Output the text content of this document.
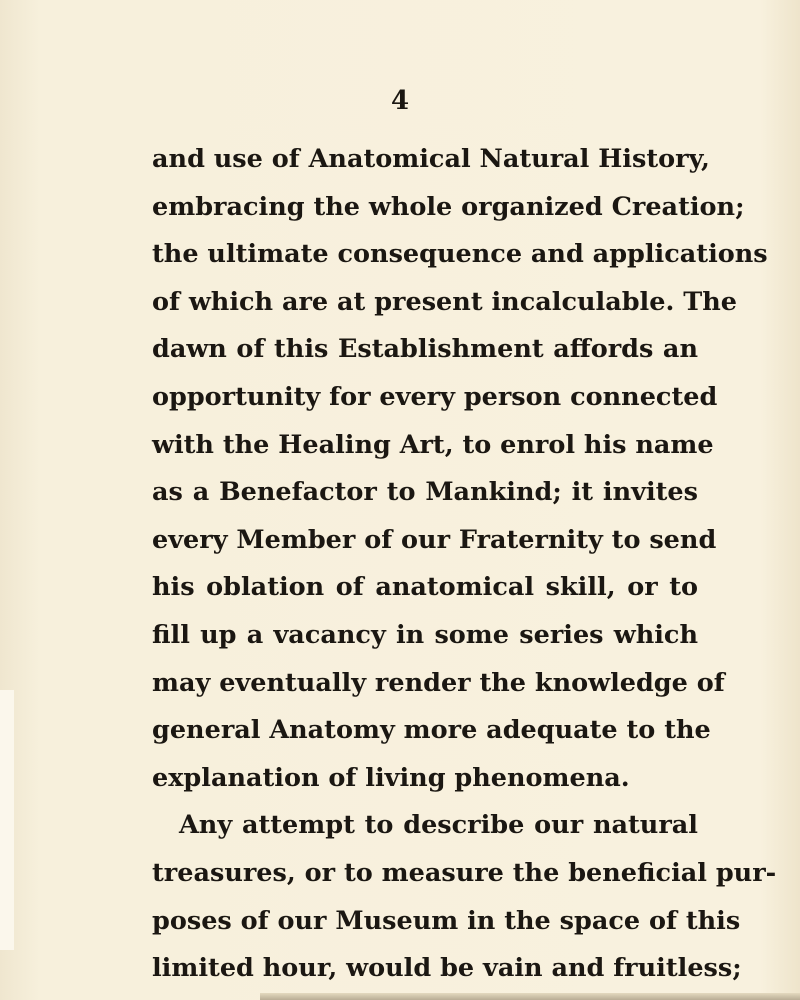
4
and use of Anatomical Natural History,
embracing the whole organized Creation;
the ultimate consequence and applications
of which are at present incalculable. The
dawn of this Establishment affords an
opportunity for every person connected
with the Healing Art, to enrol his name
as a Benefactor to Mankind; it invites
every Member of our Fraternity to send
his oblation of anatomical skill, or to
fill up a vacancy in some series which
may eventually render the knowledge of
general Anatomy more adequate to the
explanation of living phenomena.
Any attempt to describe our natural
treasures, or to measure the beneficial pur-
poses of our Museum in the space of this
limited hour, would be vain and fruitless;
